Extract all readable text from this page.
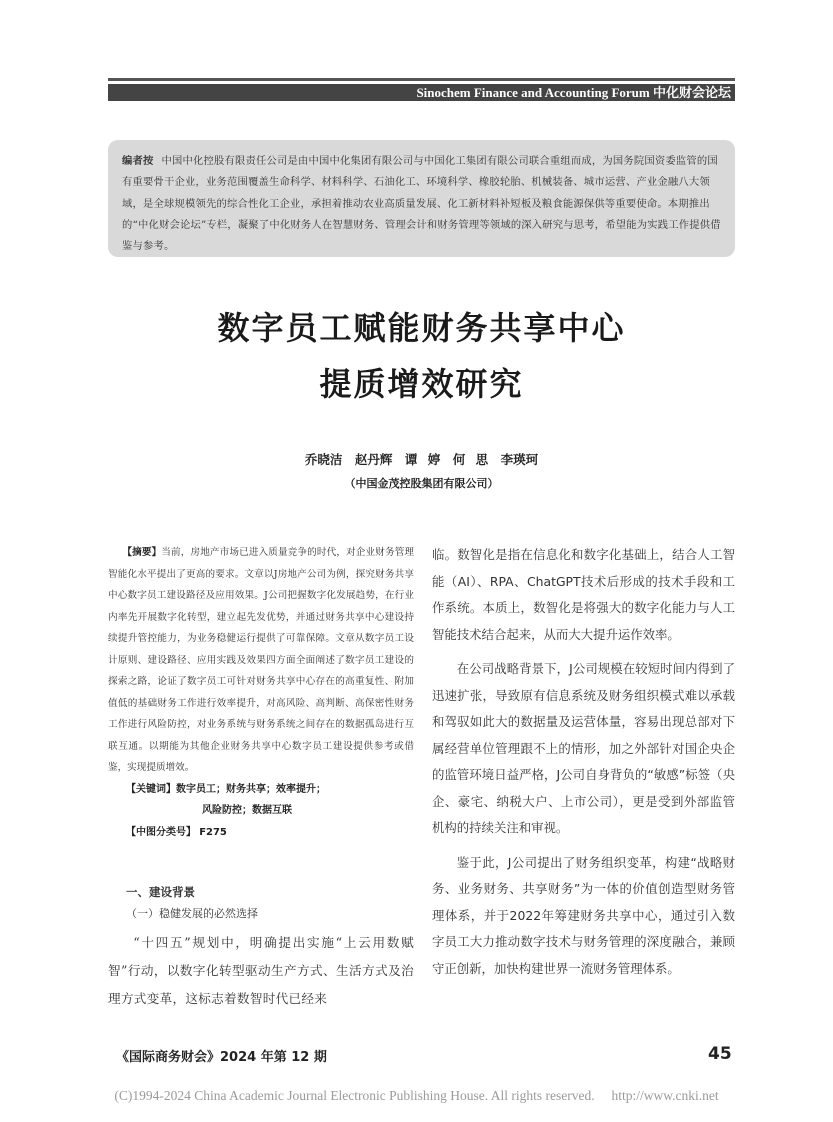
Sinochem Finance and Accounting Forum 中化财会论坛
编者按 中国中化控股有限责任公司是由中国中化集团有限公司与中国化工集团有限公司联合重组而成，为国务院国资委监管的国有重要骨干企业，业务范围覆盖生命科学、材料科学、石油化工、环境科学、橡胶轮胎、机械装备、城市运营、产业金融八大领域，是全球规模领先的综合性化工企业，承担着推动农业高质量发展、化工新材料补短板及粮食能源保供等重要使命。本期推出的“中化财会论坛”专栏，凝聚了中化财务人在智慧财务、管理会计和财务管理等领域的深入研究与思考，希望能为实践工作提供借鉴与参考。
数字员工赋能财务共享中心
提质增效研究
乔晓洁　赵丹辉　谭 婷　何 思　李瑛珂
（中国金茂控股集团有限公司）

【摘要】当前，房地产市场已进入质量竞争的时代，对企业财务管理智能化水平提出了更高的要求。文章以J房地产公司为例，探究财务共享中心数字员工建设路径及应用效果。J公司把握数字化发展趋势，在行业内率先开展数字化转型，建立起先发优势，并通过财务共享中心建设持续提升管控能力，为业务稳健运行提供了可靠保障。文章从数字员工设计原则、建设路径、应用实践及效果四方面全面阐述了数字员工建设的探索之路，论证了数字员工可针对财务共享中心存在的高重复性、附加值低的基础财务工作进行效率提升，对高风险、高判断、高保密性财务工作进行风险防控，对业务系统与财务系统之间存在的数据孤岛进行互联互通。以期能为其他企业财务共享中心数字员工建设提供参考或借鉴，实现提质增效。

【关键词】数字员工；财务共享；效率提升；

风险防控；数据互联

【中图分类号】 F275

一、建设背景
（一）稳健发展的必然选择

“十四五”规划中，明确提出实施“上云用数赋智”行动，以数字化转型驱动生产方式、生活方式及治理方式变革，这标志着数智时代已经来

临。数智化是指在信息化和数字化基础上，结合人工智能（AI）、RPA、ChatGPT技术后形成的技术手段和工作系统。本质上，数智化是将强大的数字化能力与人工智能技术结合起来，从而大大提升运作效率。

在公司战略背景下，J公司规模在较短时间内得到了迅速扩张，导致原有信息系统及财务组织模式难以承载和驾驭如此大的数据量及运营体量，容易出现总部对下属经营单位管理跟不上的情形，加之外部针对国企央企的监管环境日益严格，J公司自身背负的“敏感”标签（央企、豪宅、纳税大户、上市公司），更是受到外部监管机构的持续关注和审视。

鉴于此，J公司提出了财务组织变革，构建“战略财务、业务财务、共享财务”为一体的价值创造型财务管理体系，并于2022年筹建财务共享中心，通过引入数字员工大力推动数字技术与财务管理的深度融合，兼顾守正创新，加快构建世界一流财务管理体系。

《国际商务财会》2024 年第 12 期	45
(C)1994-2024 China Academic Journal Electronic Publishing House. All rights reserved.　 http://www.cnki.net
